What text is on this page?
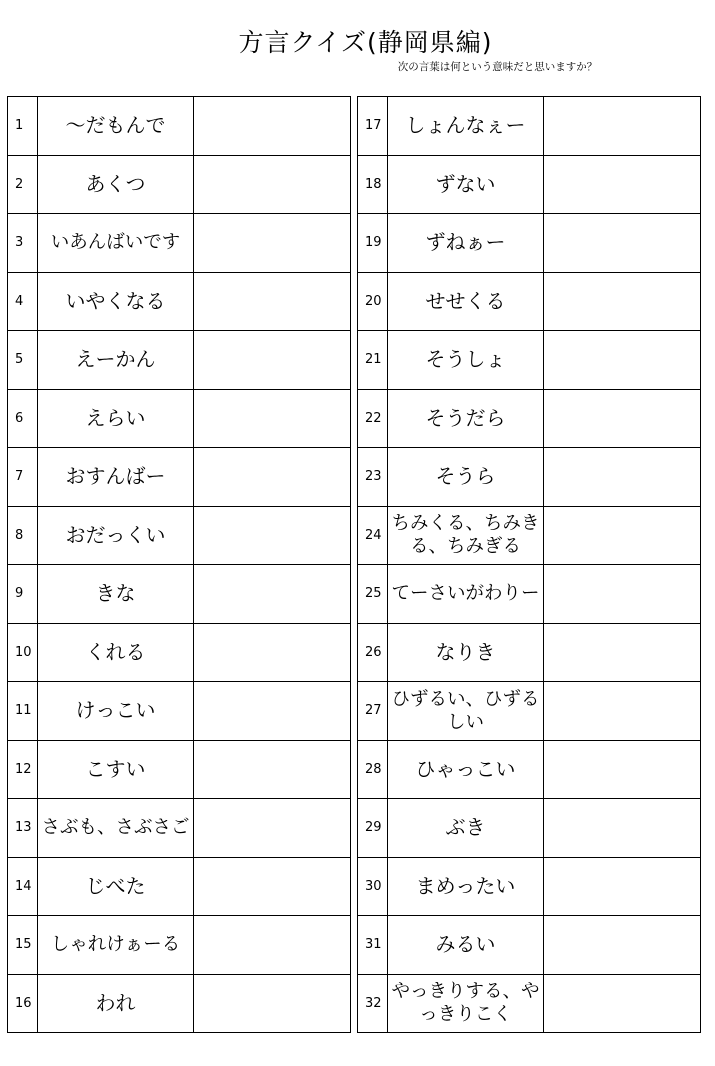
方言クイズ(静岡県編)
次の言葉は何という意味だと思いますか？
1	～だもんで	
2	あくつ	
3	いあんばいです	
4	いやくなる	
5	えーかん	
6	えらい	
7	おすんばー	
8	おだっくい	
9	きな	
10	くれる	
11	けっこい	
12	こすい	
13	さぶも、さぶさご	
14	じべた	
15	しゃれけぁーる	
16	われ	
17	しょんなぇー	
18	ずない	
19	ずねぁー	
20	せせくる	
21	そうしょ	
22	そうだら	
23	そうら	
24	ちみくる、ちみきる、ちみぎる	
25	てーさいがわりー	
26	なりき	
27	ひずるい、ひずるしい	
28	ひゃっこい	
29	ぶき	
30	まめったい	
31	みるい	
32	やっきりする、やっきりこく	
